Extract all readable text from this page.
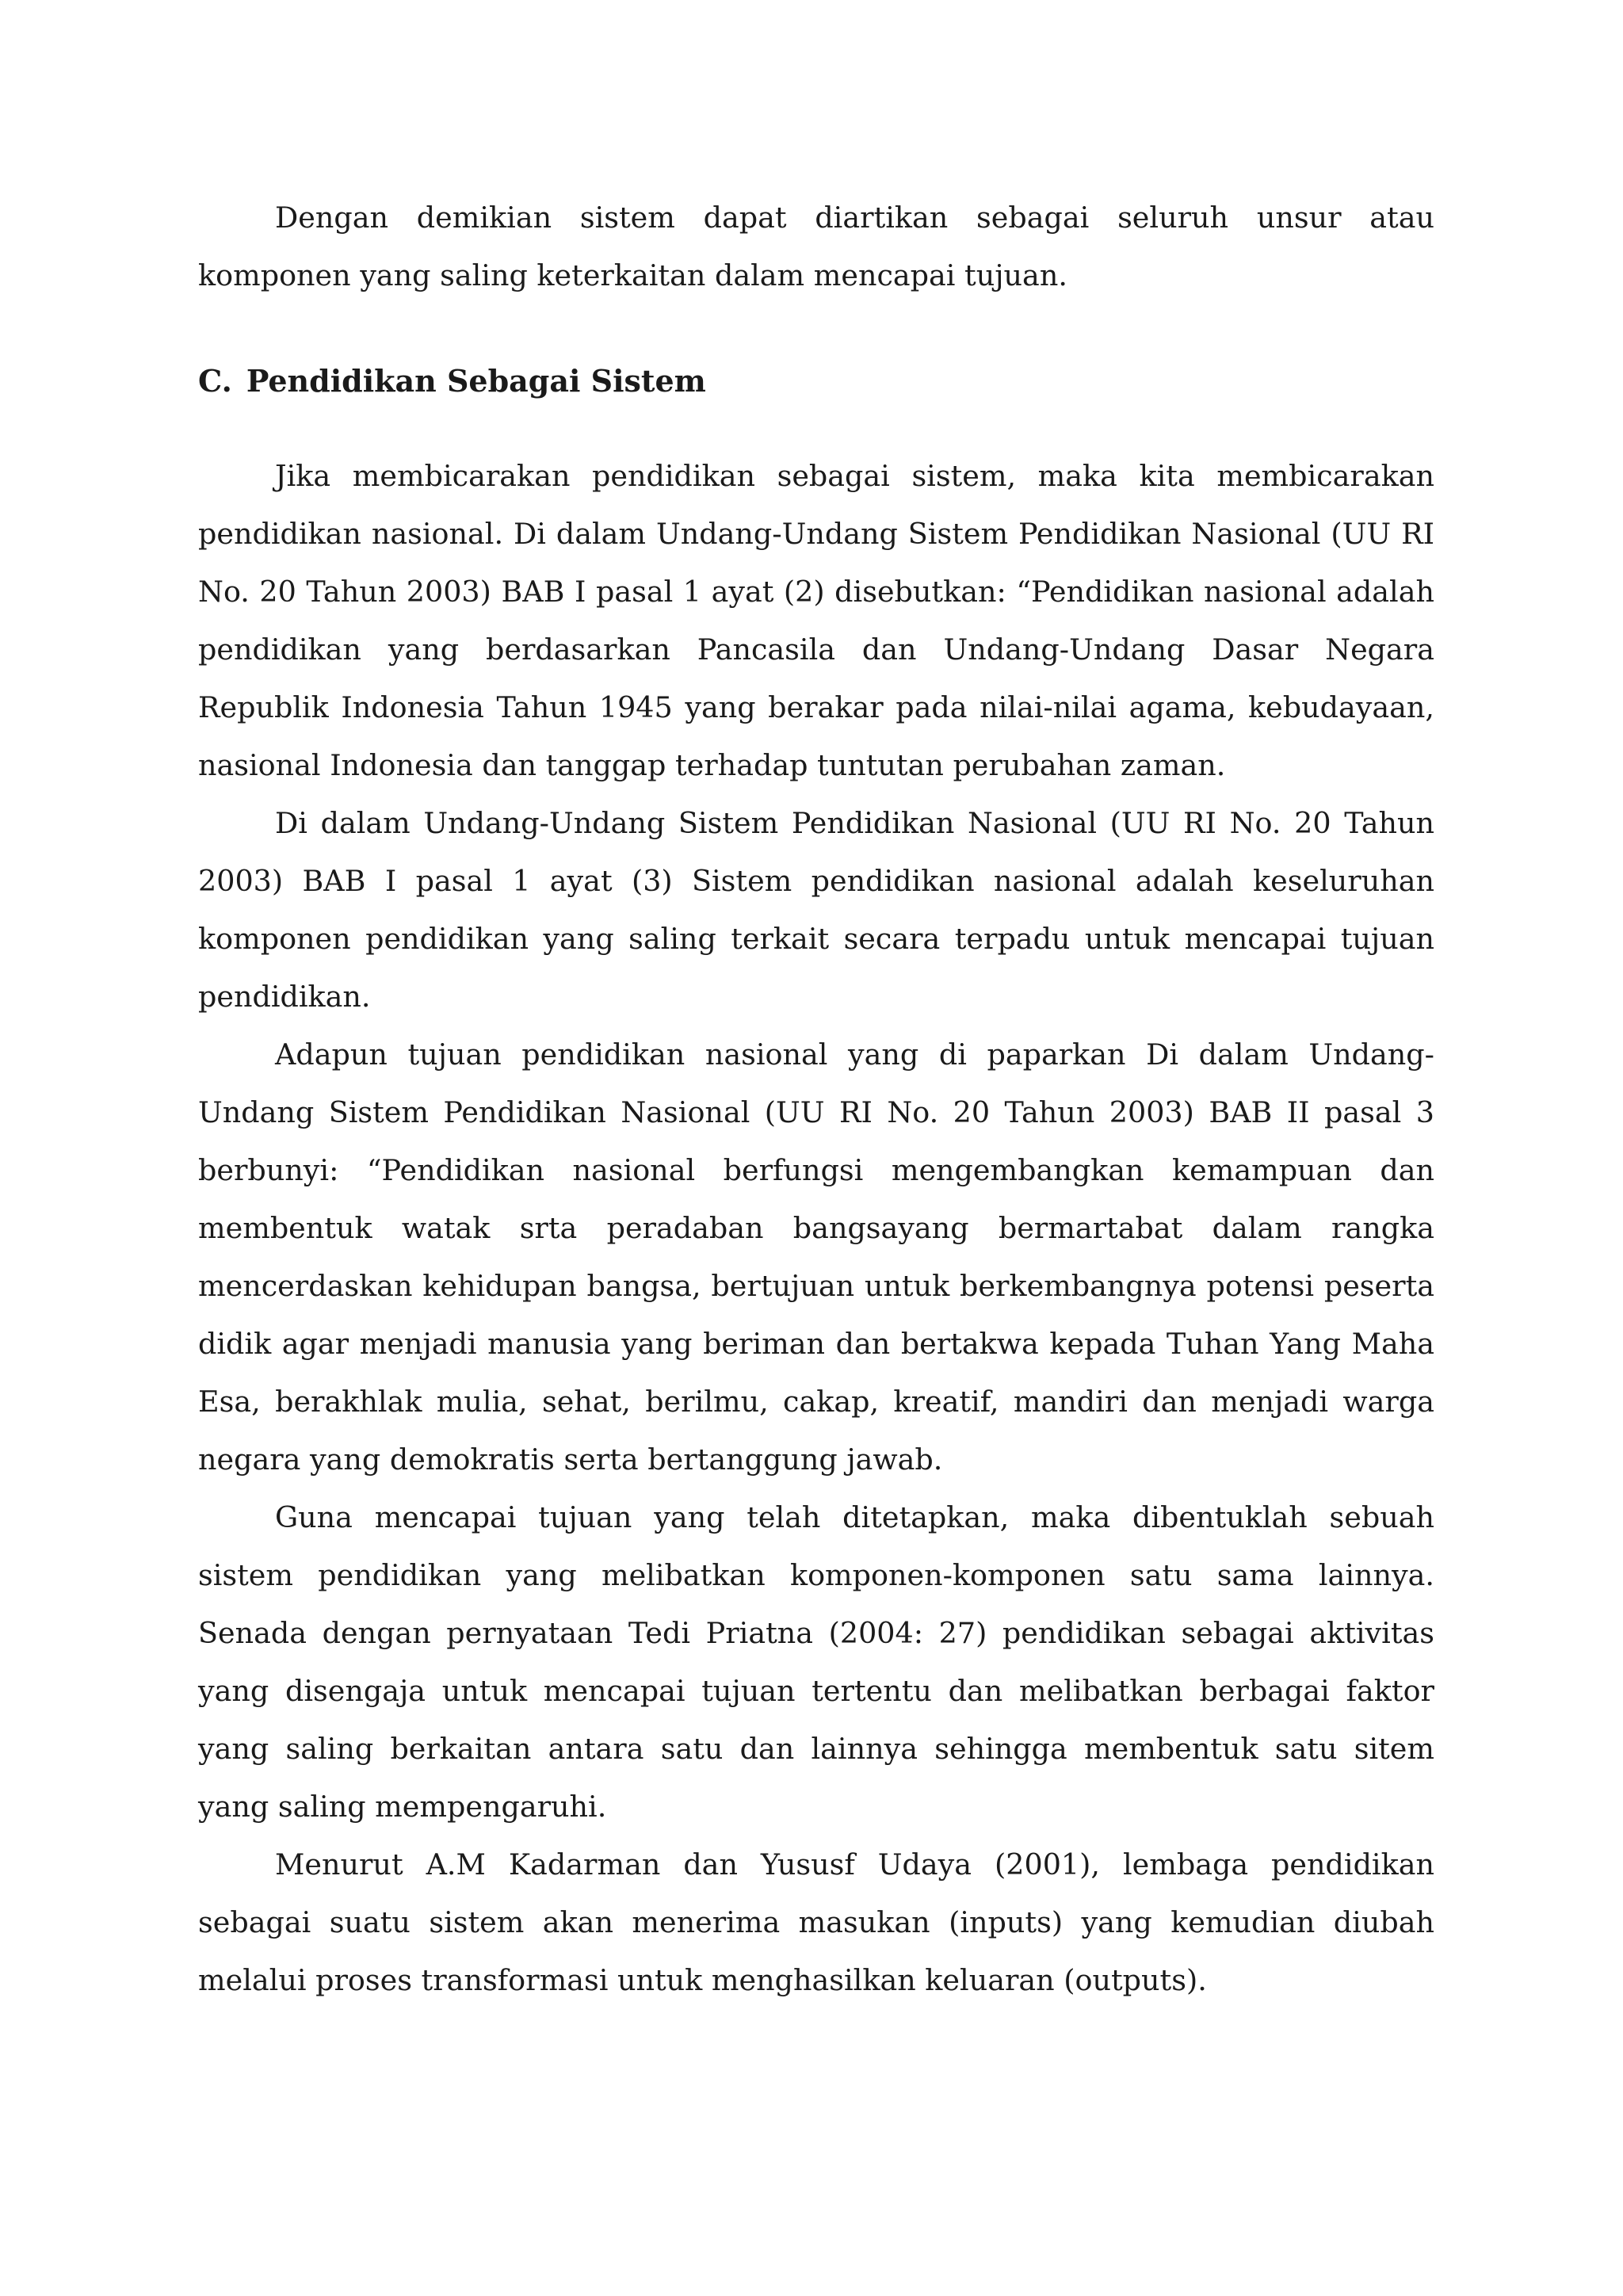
Dengan demikian sistem dapat diartikan sebagai seluruh unsur atau komponen yang saling keterkaitan dalam mencapai tujuan.

C. Pendidikan Sebagai Sistem

Jika membicarakan pendidikan sebagai sistem, maka kita membicarakan pendidikan nasional. Di dalam Undang-Undang Sistem Pendidikan Nasional (UU RI No. 20 Tahun 2003) BAB I pasal 1 ayat (2) disebutkan: “Pendidikan nasional adalah pendidikan yang berdasarkan Pancasila dan Undang-Undang Dasar Negara Republik Indonesia Tahun 1945 yang berakar pada nilai-nilai agama, kebudayaan, nasional Indonesia dan tanggap terhadap tuntutan perubahan zaman.

Di dalam Undang-Undang Sistem Pendidikan Nasional (UU RI No. 20 Tahun 2003) BAB I pasal 1 ayat (3) Sistem pendidikan nasional adalah keseluruhan komponen pendidikan yang saling terkait secara terpadu untuk mencapai tujuan pendidikan.

Adapun tujuan pendidikan nasional yang di paparkan Di dalam Undang-Undang Sistem Pendidikan Nasional (UU RI No. 20 Tahun 2003) BAB II pasal 3 berbunyi: “Pendidikan nasional berfungsi mengembangkan kemampuan dan membentuk watak srta peradaban bangsayang bermartabat dalam rangka mencerdaskan kehidupan bangsa, bertujuan untuk berkembangnya potensi peserta didik agar menjadi manusia yang beriman dan bertakwa kepada Tuhan Yang Maha Esa, berakhlak mulia, sehat, berilmu, cakap, kreatif, mandiri dan menjadi warga negara yang demokratis serta bertanggung jawab.

Guna mencapai tujuan yang telah ditetapkan, maka dibentuklah sebuah sistem pendidikan yang melibatkan komponen-komponen satu sama lainnya. Senada dengan pernyataan Tedi Priatna (2004: 27) pendidikan sebagai aktivitas yang disengaja untuk mencapai tujuan tertentu dan melibatkan berbagai faktor yang saling berkaitan antara satu dan lainnya sehingga membentuk satu sitem yang saling mempengaruhi.

Menurut A.M Kadarman dan Yususf Udaya (2001), lembaga pendidikan sebagai suatu sistem akan menerima masukan (inputs) yang kemudian diubah melalui proses transformasi untuk menghasilkan keluaran (outputs).
